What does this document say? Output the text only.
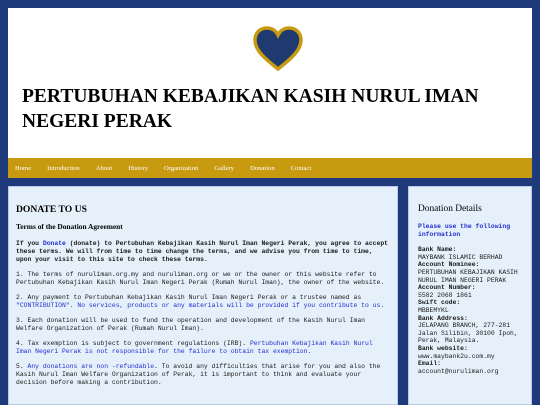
PERTUBUHAN KEBAJIKAN KASIH NURUL IMAN NEGERI PERAK
Home Introduction About History Organization Gallery Donation Contact
DONATE TO US
Terms of the Donation Agreement

If you Donate (donate) to Pertubuhan Kebajikan Kasih Nurul Iman Negeri Perak, you agree to accept these terms. We will from time to time change the terms, and we advise you from time to time, upon your visit to this site to check these terms.

1. The terms of nuruliman.org.my and nuruliman.org or we or the owner or this website refer to Pertubuhan Kebajikan Kasih Nurul Iman Negeri Perak (Rumah Nurul Iman), the owner of the website.

2. Any payment to Pertubuhan Kebajikan Kasih Nurul Iman Negeri Perak or a trustee named as "CONTRIBUTION". No services, products or any materials will be provided if you contribute to us.

3. Each donation will be used to fund the operation and development of the Kasih Nurul Iman Welfare Organization of Perak (Rumah Nurul Iman).

4. Tax exemption is subject to government regulations (IRB). Pertubuhan Kebajikan Kasih Nurul Iman Negeri Perak is not responsible for the failure to obtain tax exemption.

5. Any donations are non -refundable. To avoid any difficulties that arise for you and also the Kasih Nurul Iman Welfare Organization of Perak, it is important to think and evaluate your decision before making a contribution.

Donation Details
Please use the following information
Bank Name:
MAYBANK ISLAMIC BERHAD
Account Nominee:
PERTUBUHAN KEBAJIKAN KASIH NURUL IMAN NEGERI PERAK
Account Number:
5582 2068 1861
Swift code:
MBBEMYKL
Bank Address:
JELAPANG BRANCH, 277-281 Jalan Silibin, 30100 Ipoh, Perak, Malaysia.
Bank website:
www.maybank2u.com.my
Email:
account@nuruliman.org
